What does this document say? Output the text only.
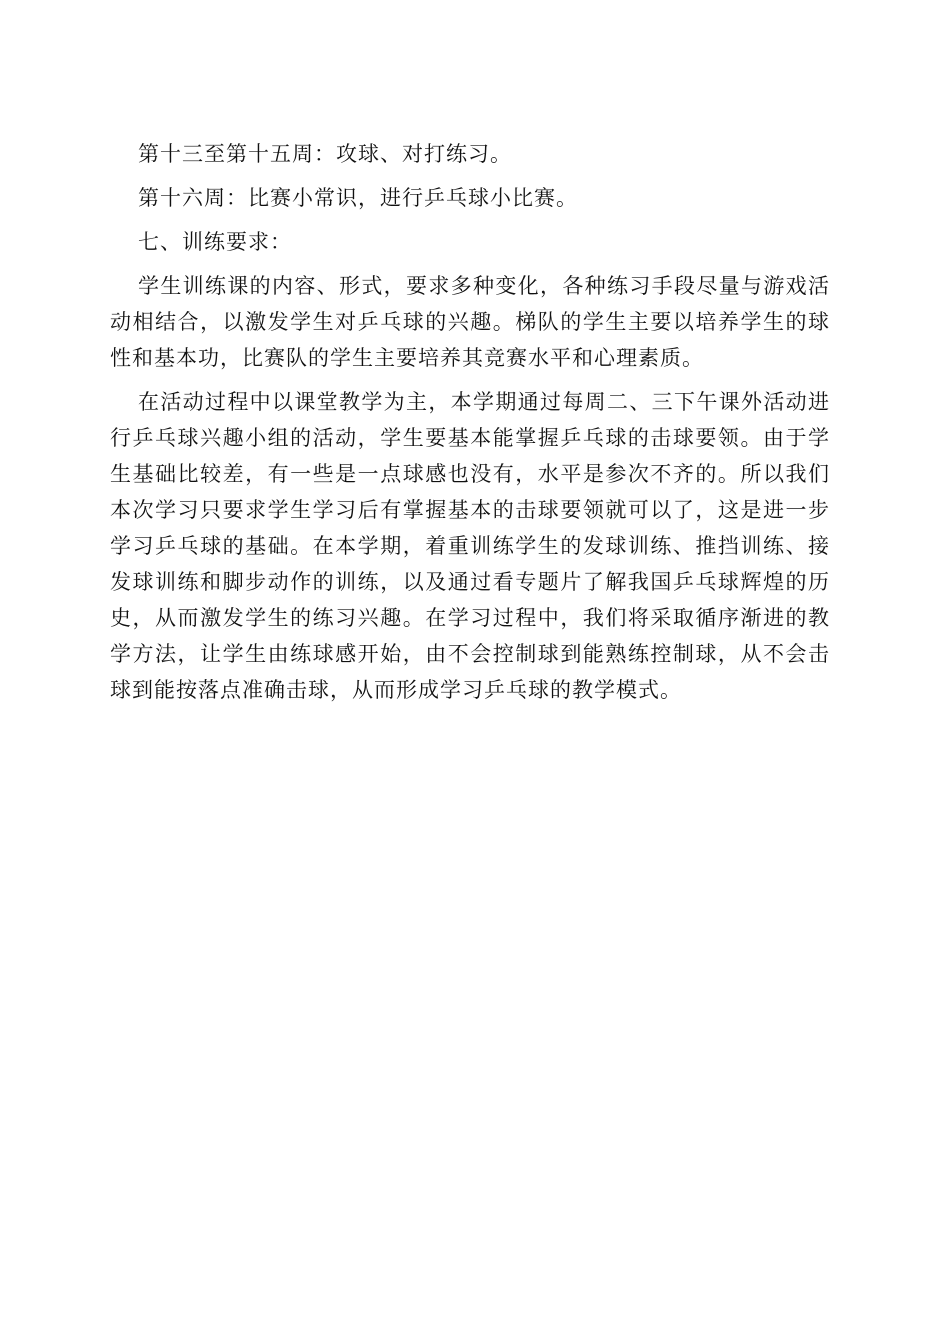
第十三至第十五周：攻球、对打练习。

第十六周：比赛小常识，进行乒乓球小比赛。

七、训练要求：

学生训练课的内容、形式，要求多种变化，各种练习手段尽量与游戏活动相结合，以激发学生对乒乓球的兴趣。梯队的学生主要以培养学生的球性和基本功，比赛队的学生主要培养其竞赛水平和心理素质。

在活动过程中以课堂教学为主，本学期通过每周二、三下午课外活动进行乒乓球兴趣小组的活动，学生要基本能掌握乒乓球的击球要领。由于学生基础比较差，有一些是一点球感也没有，水平是参次不齐的。所以我们本次学习只要求学生学习后有掌握基本的击球要领就可以了，这是进一步学习乒乓球的基础。在本学期，着重训练学生的发球训练、推挡训练、接发球训练和脚步动作的训练，以及通过看专题片了解我国乒乓球辉煌的历史，从而激发学生的练习兴趣。在学习过程中，我们将采取循序渐进的教学方法，让学生由练球感开始，由不会控制球到能熟练控制球，从不会击球到能按落点准确击球，从而形成学习乒乓球的教学模式。
